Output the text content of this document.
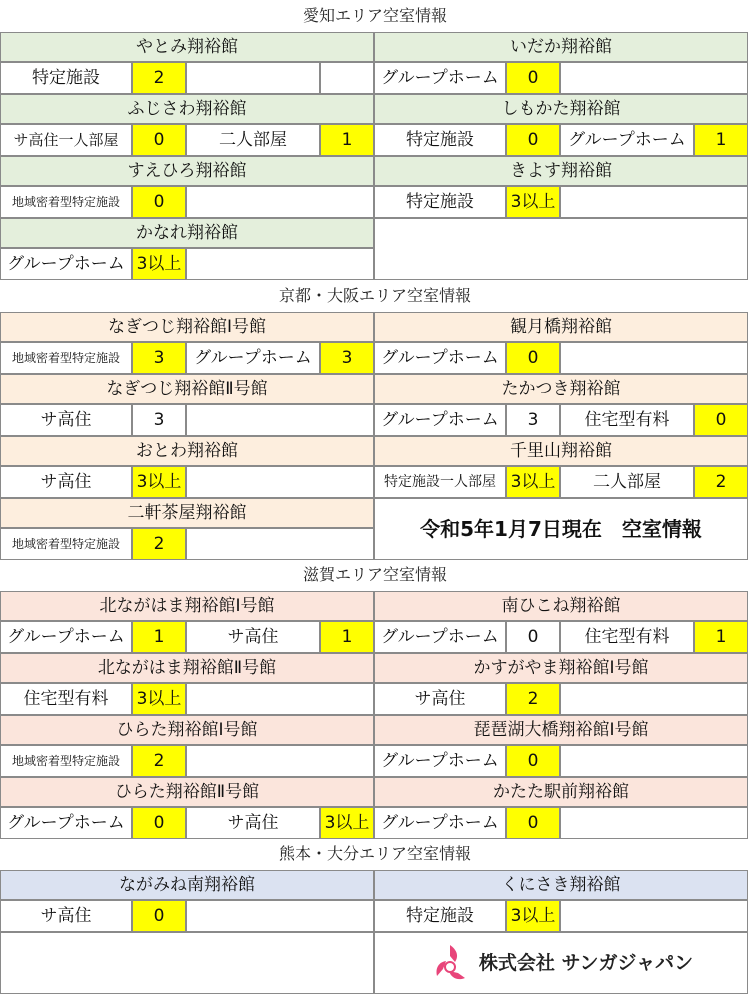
愛知エリア空室情報
やとみ翔裕館	いだか翔裕館
特定施設	2	グループホーム	0
ふじさわ翔裕館	しもかた翔裕館
サ高住一人部屋	0	二人部屋	1	特定施設	0	グループホーム	1
すえひろ翔裕館	きよす翔裕館
地域密着型特定施設	0	特定施設	3以上
かなれ翔裕館
グループホーム 3以上
京都・大阪エリア空室情報
なぎつじ翔裕館Ⅰ号館	観月橋翔裕館
地域密着型特定施設	3	グループホーム	3	グループホーム	0
なぎつじ翔裕館Ⅱ号館	たかつき翔裕館
サ高住	3	グループホーム	3	住宅型有料	0
おとわ翔裕館	千里山翔裕館
サ高住	3以上	特定施設一人部屋 3以上	二人部屋	2
二軒茶屋翔裕館
令和5年1月7日現在　空室情報
地域密着型特定施設	2
滋賀エリア空室情報
北ながはま翔裕館Ⅰ号館	南ひこね翔裕館
グループホーム	1	サ高住	1	グループホーム	0	住宅型有料	1
北ながはま翔裕館Ⅱ号館	かすがやま翔裕館Ⅰ号館
住宅型有料	3以上	サ高住	2
ひらた翔裕館Ⅰ号館	琵琶湖大橋翔裕館Ⅰ号館
地域密着型特定施設	2	グループホーム	0
ひらた翔裕館Ⅱ号館	かたた駅前翔裕館
グループホーム	0	サ高住	3以上 グループホーム	0
熊本・大分エリア空室情報
ながみね南翔裕館	くにさき翔裕館
サ高住	0	特定施設	3以上
株式会社 サンガジャパン
